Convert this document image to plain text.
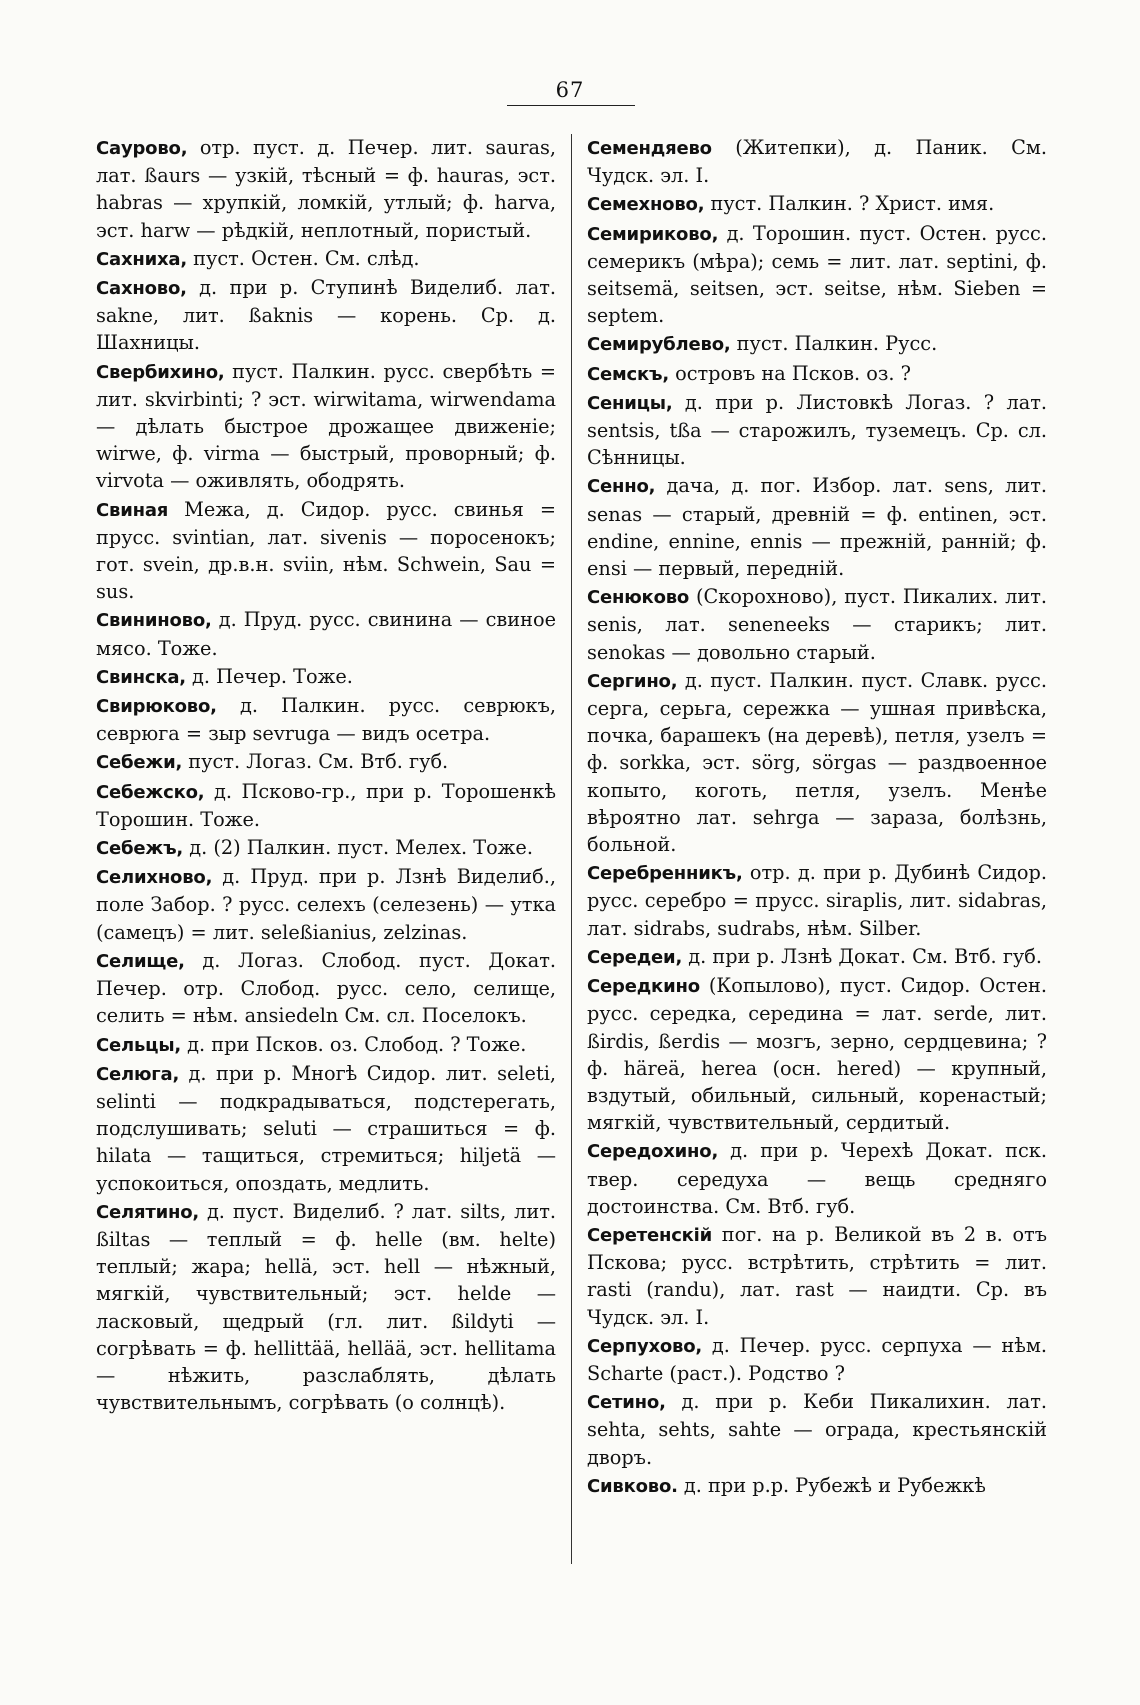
67
Саурово, отр. пуст. д. Печер. лит. sauras, лат. ßaurs — узкій, тѣсный = ф. hauras, эст. habras — хрупкій, ломкій, утлый; ф. harva, эст. harw — рѣдкій, неплотный, пористый.
Сахниха, пуст. Остен. См. слѣд.
Сахново, д. при р. Ступинѣ Виделиб. лат. sakne, лит. ßaknis — корень. Ср. д. Шахницы.
Свербихино, пуст. Палкин. русс. свербѣть = лит. skvirbinti; ? эст. wirwitama, wirwendama — дѣлать быстрое дрожащее движеніе; wirwe, ф. virma — быстрый, проворный; ф. virvota — оживлять, ободрять.
Свиная Межа, д. Сидор. русс. свинья = прусс. svintian, лат. sivenis — поросенокъ; гот. svein, др.в.н. sviin, нѣм. Schwein, Sau = sus.
Свининово, д. Пруд. русс. свинина — свиное мясо. Тоже.
Свинска, д. Печер. Тоже.
Свирюково, д. Палкин. русс. севрюкъ, севрюга = зыр sevruga — видъ осетра.
Себежи, пуст. Логаз. См. Втб. губ.
Себежско, д. Псково-гр., при р. Торошенкѣ Торошин. Тоже.
Себежъ, д. (2) Палкин. пуст. Мелех. Тоже.
Селихново, д. Пруд. при р. Лзнѣ Виделиб., поле Забор. ? русс. селехъ (селезень) — утка (самецъ) = лит. seleßianius, zelzinas.
Селище, д. Логаз. Слобод. пуст. Докат. Печер. отр. Слобод. русс. село, селище, селить = нѣм. ansiedeln См. сл. Поселокъ.
Сельцы, д. при Псков. оз. Слобод. ? Тоже.
Селюга, д. при р. Многѣ Сидор. лит. seleti, selinti — подкрадываться, подстерегать, подслушивать; seluti — страшиться = ф. hilata — тащиться, стремиться; hiljetä — успокоиться, опоздать, медлить.
Селятино, д. пуст. Виделиб. ? лат. silts, лит. ßiltas — теплый = ф. helle (вм. helte) теплый; жара; hellä, эст. hell — нѣжный, мягкій, чувствительный; эст. helde — ласковый, щедрый (гл. лит. ßildyti — согрѣвать = ф. hellittää, hellää, эст. hellitama — нѣжить, разслаблять, дѣлать чувствительнымъ, согрѣвать (о солнцѣ).
Семендяево (Житепки), д. Паник. См. Чудск. эл. I.
Семехново, пуст. Палкин. ? Христ. имя.
Семириково, д. Торошин. пуст. Остен. русс. семерикъ (мѣра); семь = лит. лат. septini, ф. seitsemä, seitsen, эст. seitse, нѣм. Sieben = septem.
Семирублево, пуст. Палкин. Русс.
Семскъ, островъ на Псков. оз. ?
Сеницы, д. при р. Листовкѣ Логаз. ? лат. sentsis, tßa — старожилъ, туземецъ. Ср. сл. Сѣнницы.
Сенно, дача, д. пог. Избор. лат. sens, лит. senas — старый, древній = ф. entinen, эст. endine, ennine, ennis — прежній, ранній; ф. ensi — первый, передній.
Сенюково (Скорохново), пуст. Пикалих. лит. senis, лат. seneneeks — старикъ; лит. senokas — довольно старый.
Сергино, д. пуст. Палкин. пуст. Славк. русс. серга, серьга, сережка — ушная привѣска, почка, барашекъ (на деревѣ), петля, узелъ = ф. sorkka, эст. sörg, sörgas — раздвоенное копыто, коготь, петля, узелъ. Менѣе вѣроятно лат. sehrga — зараза, болѣзнь, больной.
Серебренникъ, отр. д. при р. Дубинѣ Сидор. русс. серебро = прусс. siraplis, лит. sidabras, лат. sidrabs, sudrabs, нѣм. Silber.
Середеи, д. при р. Лзнѣ Докат. См. Втб. губ.
Середкино (Копылово), пуст. Сидор. Остен. русс. середка, середина = лат. serde, лит. ßirdis, ßerdis — мозгъ, зерно, сердцевина; ? ф. häreä, herea (осн. hered) — крупный, вздутый, обильный, сильный, коренастый; мягкій, чувствительный, сердитый.
Середохино, д. при р. Черехѣ Докат. пск. твер. середуха — вещь средняго достоинства. См. Втб. губ.
Серетенскій пог. на р. Великой въ 2 в. отъ Пскова; русс. встрѣтить, стрѣтить = лит. rasti (randu), лат. rast — наидти. Ср. въ Чудск. эл. I.
Серпухово, д. Печер. русс. серпуха — нѣм. Scharte (раст.). Родство ?
Сетино, д. при р. Кеби Пикалихин. лат. sehta, sehts, sahte — ограда, крестьянскій дворъ.
Сивково. д. при р.р. Рубежѣ и Рубежкѣ
